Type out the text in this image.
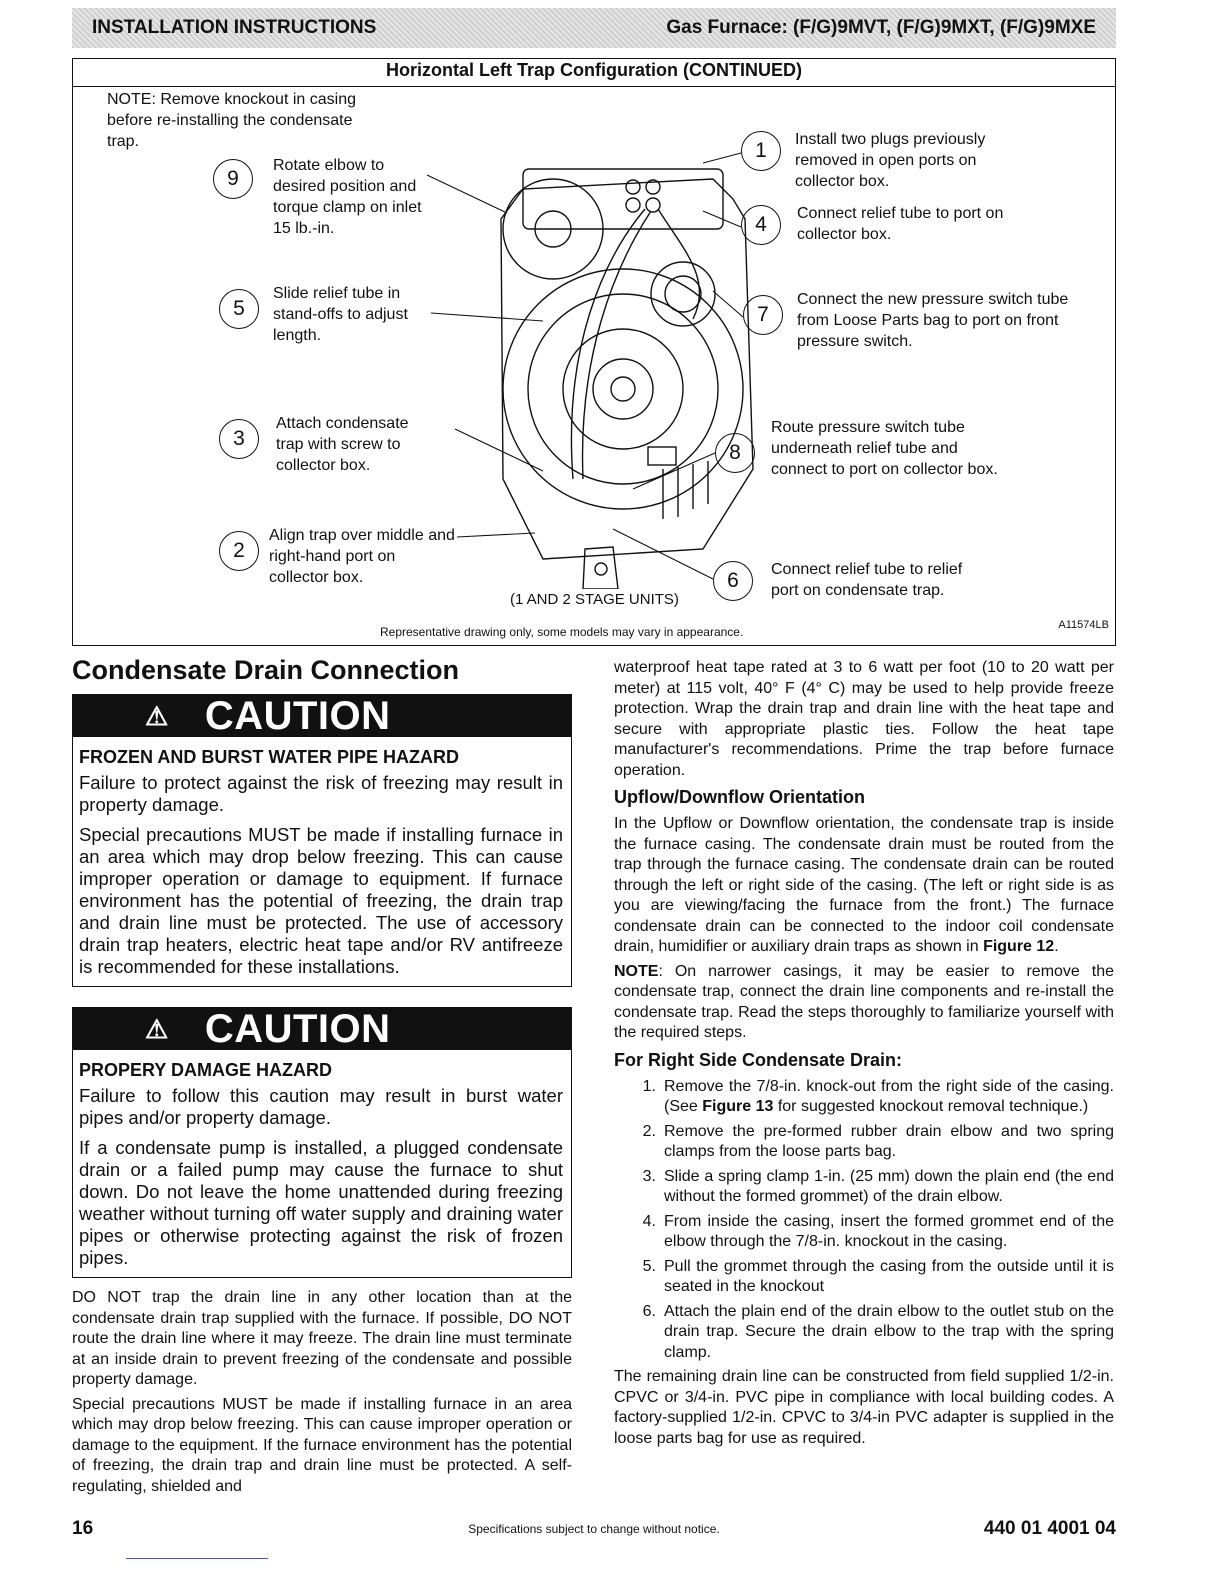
INSTALLATION INSTRUCTIONS	Gas Furnace: (F/G)9MVT, (F/G)9MXT, (F/G)9MXE
Horizontal Left Trap Configuration (CONTINUED)
NOTE: Remove knockout in casing before re-installing the condensate trap.
9
Rotate elbow to desired position and torque clamp on inlet 15 lb.-in.
5
Slide relief tube in stand-offs to adjust length.
3
Attach condensate trap with screw to collector box.
2
Align trap over middle and right-hand port on collector box.
1	Install two plugs previously removed in open ports on collector box.
4	Connect relief tube to port on collector box.
7
Connect the new pressure switch tube from Loose Parts bag to port on front pressure switch.
8
Route pressure switch tube underneath relief tube and connect to port on collector box.
6	Connect relief tube to relief port on condensate trap.
(1 AND 2 STAGE UNITS)
Representative drawing only, some models may vary in appearance.	A11574LB
Condensate Drain Connection
⚠ CAUTION
FROZEN AND BURST WATER PIPE HAZARD

Failure to protect against the risk of freezing may result in property damage.

Special precautions MUST be made if installing furnace in an area which may drop below freezing. This can cause improper operation or damage to equipment. If furnace environment has the potential of freezing, the drain trap and drain line must be protected. The use of accessory drain trap heaters, electric heat tape and/or RV antifreeze is recommended for these installations.

⚠ CAUTION
PROPERY DAMAGE HAZARD

Failure to follow this caution may result in burst water pipes and/or property damage.

If a condensate pump is installed, a plugged condensate drain or a failed pump may cause the furnace to shut down. Do not leave the home unattended during freezing weather without turning off water supply and draining water pipes or otherwise protecting against the risk of frozen pipes.

DO NOT trap the drain line in any other location than at the condensate drain trap supplied with the furnace. If possible, DO NOT route the drain line where it may freeze. The drain line must terminate at an inside drain to prevent freezing of the condensate and possible property damage.

Special precautions MUST be made if installing furnace in an area which may drop below freezing. This can cause improper operation or damage to the equipment. If the furnace environment has the potential of freezing, the drain trap and drain line must be protected. A self-regulating, shielded and

waterproof heat tape rated at 3 to 6 watt per foot (10 to 20 watt per meter) at 115 volt, 40° F (4° C) may be used to help provide freeze protection. Wrap the drain trap and drain line with the heat tape and secure with appropriate plastic ties. Follow the heat tape manufacturer's recommendations. Prime the trap before furnace operation.

Upflow/Downflow Orientation

In the Upflow or Downflow orientation, the condensate trap is inside the furnace casing. The condensate drain must be routed from the trap through the furnace casing. The condensate drain can be routed through the left or right side of the casing. (The left or right side is as you are viewing/facing the furnace from the front.) The furnace condensate drain can be connected to the indoor coil condensate drain, humidifier or auxiliary drain traps as shown in Figure 12.

NOTE: On narrower casings, it may be easier to remove the condensate trap, connect the drain line components and re-install the condensate trap. Read the steps thoroughly to familiarize yourself with the required steps.

For Right Side Condensate Drain:
1. Remove the 7/8-in. knock-out from the right side of the casing. (See Figure 13 for suggested knockout removal technique.)
2. Remove the pre-formed rubber drain elbow and two spring clamps from the loose parts bag.
3. Slide a spring clamp 1-in. (25 mm) down the plain end (the end without the formed grommet) of the drain elbow.
4. From inside the casing, insert the formed grommet end of the elbow through the 7/8-in. knockout in the casing.
5. Pull the grommet through the casing from the outside until it is seated in the knockout
6. Attach the plain end of the drain elbow to the outlet stub on the drain trap. Secure the drain elbow to the trap with the spring clamp.

The remaining drain line can be constructed from field supplied 1/2-in. CPVC or 3/4-in. PVC pipe in compliance with local building codes. A factory-supplied 1/2-in. CPVC to 3/4-in PVC adapter is supplied in the loose parts bag for use as required.

16	Specifications subject to change without notice.	440 01 4001 04
